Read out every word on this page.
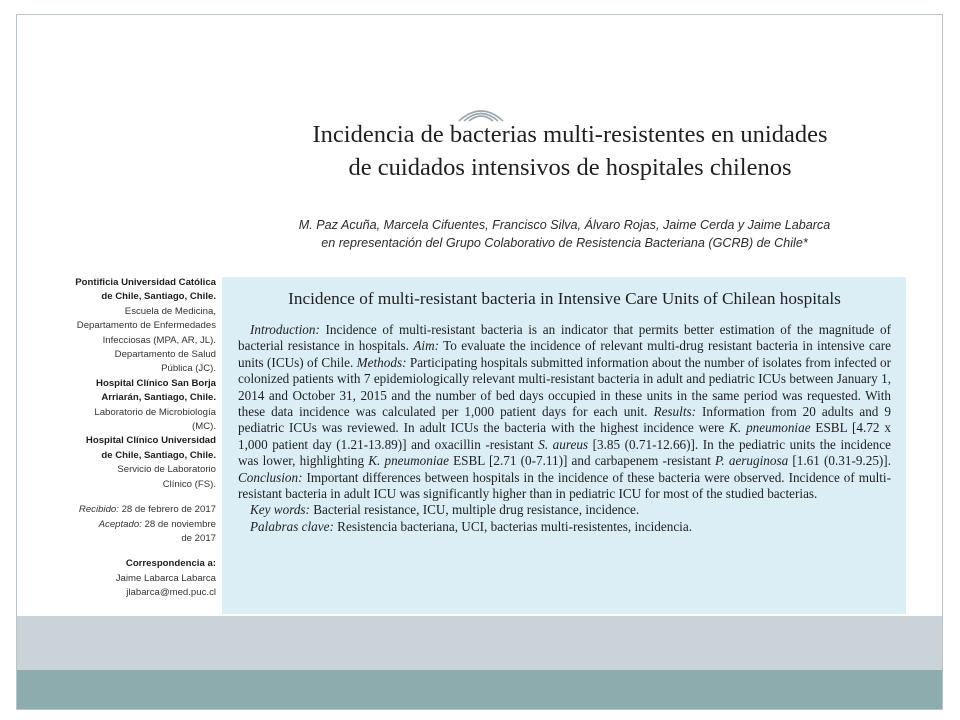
Incidencia de bacterias multi-resistentes en unidades
de cuidados intensivos de hospitales chilenos
M. Paz Acuña, Marcela Cifuentes, Francisco Silva, Álvaro Rojas, Jaime Cerda y Jaime Labarca
en representación del Grupo Colaborativo de Resistencia Bacteriana (GCRB) de Chile*

Pontificia Universidad Católica

de Chile, Santiago, Chile.

Escuela de Medicina,

Departamento de Enfermedades

Infecciosas (MPA, AR, JL).

Departamento de Salud

Pública (JC).

Hospital Clínico San Borja

Arriarán, Santiago, Chile.

Laboratorio de Microbiología

(MC).

Hospital Clínico Universidad

de Chile, Santiago, Chile.

Servicio de Laboratorio

Clínico (FS).

Recibido: 28 de febrero de 2017

Aceptado: 28 de noviembre

de 2017

Correspondencia a:

Jaime Labarca Labarca

jlabarca@med.puc.cl

Incidence of multi-resistant bacteria in Intensive Care Units of Chilean hospitals

Introduction: Incidence of multi-resistant bacteria is an indicator that permits better estimation of the magnitude of bacterial resistance in hospitals. Aim: To evaluate the incidence of relevant multi-drug resistant bacteria in intensive care units (ICUs) of Chile. Methods: Participating hospitals submitted information about the number of isolates from infected or colonized patients with 7 epidemiologically relevant multi-resistant bacteria in adult and pediatric ICUs between January 1, 2014 and October 31, 2015 and the number of bed days occupied in these units in the same period was requested. With these data incidence was calculated per 1,000 patient days for each unit. Results: Information from 20 adults and 9 pediatric ICUs was reviewed. In adult ICUs the bacteria with the highest incidence were K. pneumoniae ESBL [4.72 x 1,000 patient day (1.21-13.89)] and oxacillin -resistant S. aureus [3.85 (0.71-12.66)]. In the pediatric units the incidence was lower, highlighting K. pneumoniae ESBL [2.71 (0-7.11)] and carbapenem -resistant P. aeruginosa [1.61 (0.31-9.25)]. Conclusion: Important differences between hospitals in the incidence of these bacteria were observed. Incidence of multi-resistant bacteria in adult ICU was significantly higher than in pediatric ICU for most of the studied bacterias.

Key words: Bacterial resistance, ICU, multiple drug resistance, incidence.

Palabras clave: Resistencia bacteriana, UCI, bacterias multi-resistentes, incidencia.
